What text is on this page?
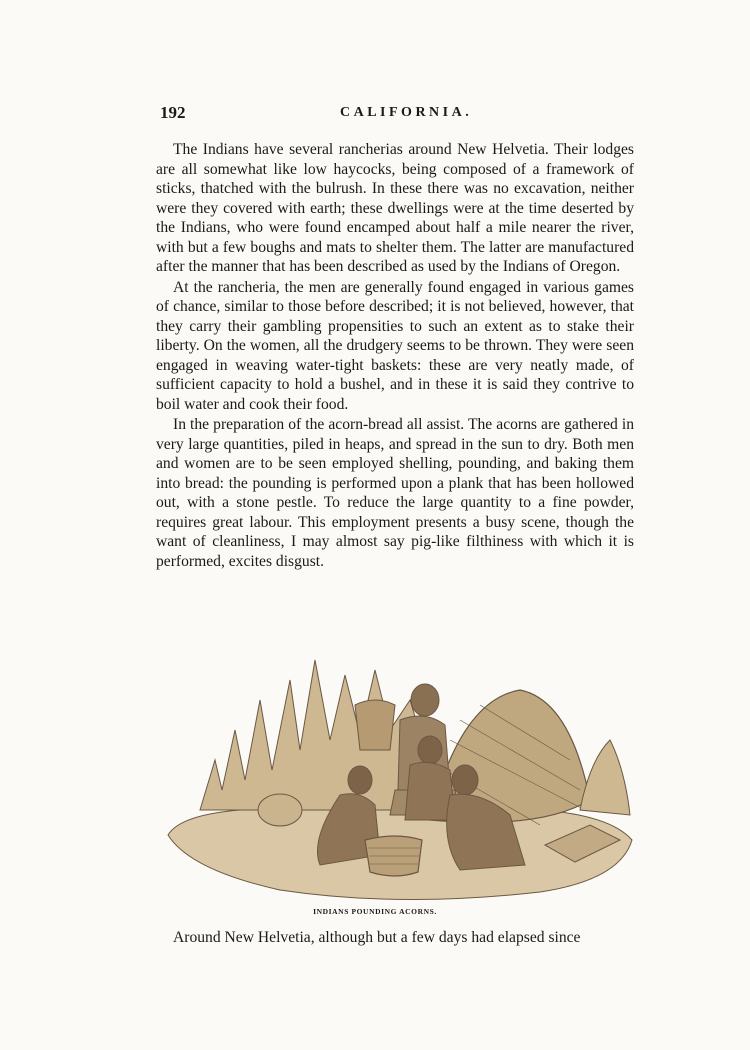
192	CALIFORNIA.

The Indians have several rancherias around New Helvetia. Their lodges are all somewhat like low haycocks, being composed of a framework of sticks, thatched with the bulrush. In these there was no excavation, neither were they covered with earth; these dwellings were at the time deserted by the Indians, who were found encamped about half a mile nearer the river, with but a few boughs and mats to shelter them. The latter are manufactured after the manner that has been described as used by the Indians of Oregon.

At the rancheria, the men are generally found engaged in various games of chance, similar to those before described; it is not believed, however, that they carry their gambling propensities to such an extent as to stake their liberty. On the women, all the drudgery seems to be thrown. They were seen engaged in weaving water-tight baskets: these are very neatly made, of sufficient capacity to hold a bushel, and in these it is said they contrive to boil water and cook their food.

In the preparation of the acorn-bread all assist. The acorns are gathered in very large quantities, piled in heaps, and spread in the sun to dry. Both men and women are to be seen employed shelling, pounding, and baking them into bread: the pounding is performed upon a plank that has been hollowed out, with a stone pestle. To reduce the large quantity to a fine powder, requires great labour. This employment presents a busy scene, though the want of cleanliness, I may almost say pig-like filthiness with which it is performed, excites disgust.

INDIANS POUNDING ACORNS.
Around New Helvetia, although but a few days had elapsed since
